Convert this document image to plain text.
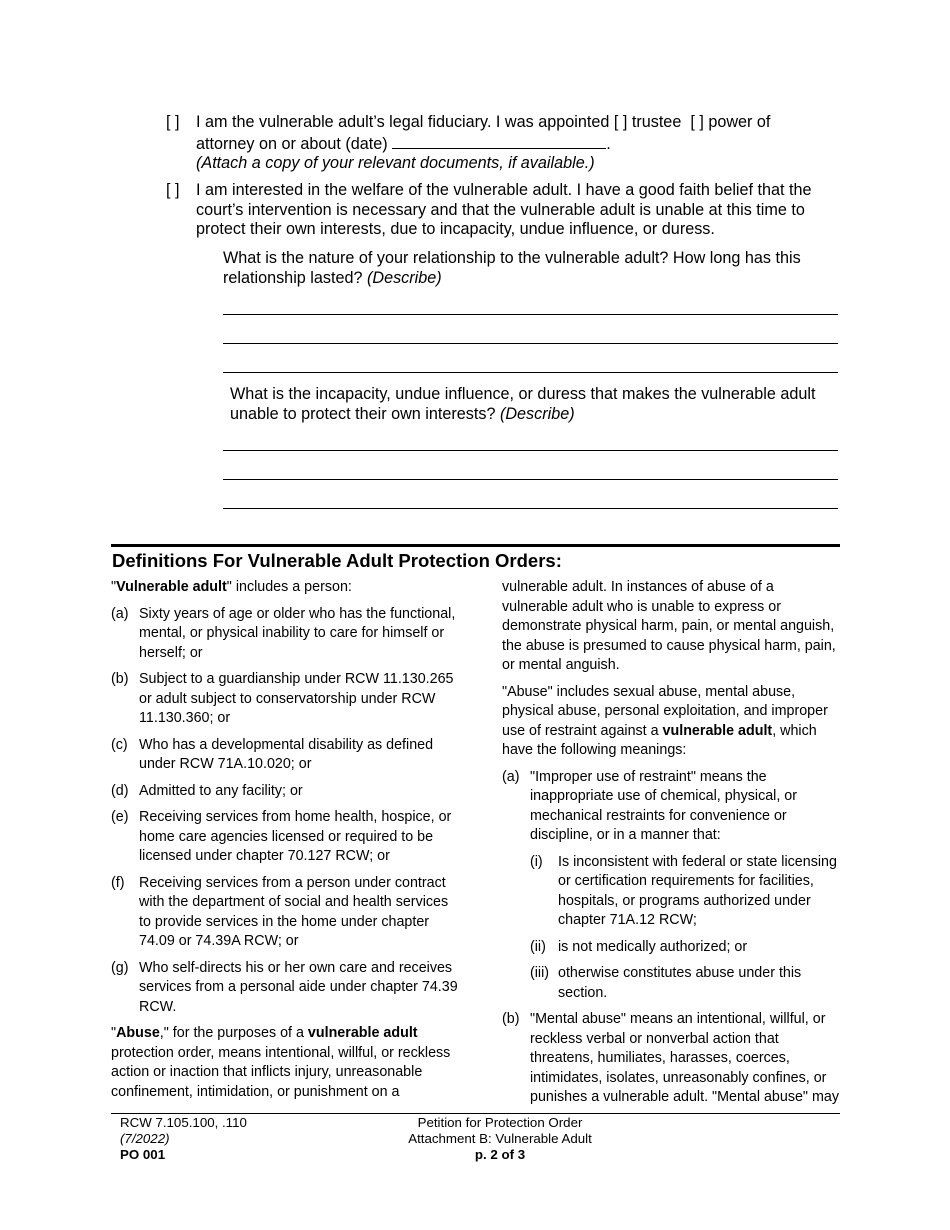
[ ] I am the vulnerable adult’s legal fiduciary. I was appointed [ ] trustee [ ] power of
attorney on or about (date)	.
(Attach a copy of your relevant documents, if available.)
[ ] I am interested in the welfare of the vulnerable adult. I have a good faith belief that the court’s intervention is necessary and that the vulnerable adult is unable at this time to protect their own interests, due to incapacity, undue influence, or duress.
What is the nature of your relationship to the vulnerable adult? How long has this relationship lasted? (Describe)
What is the incapacity, undue influence, or duress that makes the vulnerable adult unable to protect their own interests? (Describe)
Definitions For Vulnerable Adult Protection Orders:

"Vulnerable adult" includes a person:

(a) Sixty years of age or older who has the functional, mental, or physical inability to care for himself or herself; or
(b) Subject to a guardianship under RCW 11.130.265 or adult subject to conservatorship under RCW 11.130.360; or
(c) Who has a developmental disability as defined under RCW 71A.10.020; or
(d) Admitted to any facility; or
(e) Receiving services from home health, hospice, or home care agencies licensed or required to be licensed under chapter 70.127 RCW; or
(f) Receiving services from a person under contract with the department of social and health services to provide services in the home under chapter 74.09 or 74.39A RCW; or
(g) Who self-directs his or her own care and receives services from a personal aide under chapter 74.39 RCW.

"Abuse," for the purposes of a vulnerable adult protection order, means intentional, willful, or reckless action or inaction that inflicts injury, unreasonable confinement, intimidation, or punishment on a

vulnerable adult. In instances of abuse of a vulnerable adult who is unable to express or demonstrate physical harm, pain, or mental anguish, the abuse is presumed to cause physical harm, pain, or mental anguish.

"Abuse" includes sexual abuse, mental abuse, physical abuse, personal exploitation, and improper use of restraint against a vulnerable adult, which have the following meanings:

(a) "Improper use of restraint" means the inappropriate use of chemical, physical, or mechanical restraints for convenience or discipline, or in a manner that:
(i) Is inconsistent with federal or state licensing or certification requirements for facilities, hospitals, or programs authorized under chapter 71A.12 RCW;
(ii) is not medically authorized; or
(iii) otherwise constitutes abuse under this section.
(b) "Mental abuse" means an intentional, willful, or reckless verbal or nonverbal action that threatens, humiliates, harasses, coerces, intimidates, isolates, unreasonably confines, or punishes a vulnerable adult. "Mental abuse" may
RCW 7.105.100, .110
(7/2022)
PO 001
Petition for Protection Order
Attachment B: Vulnerable Adult
p. 2 of 3
